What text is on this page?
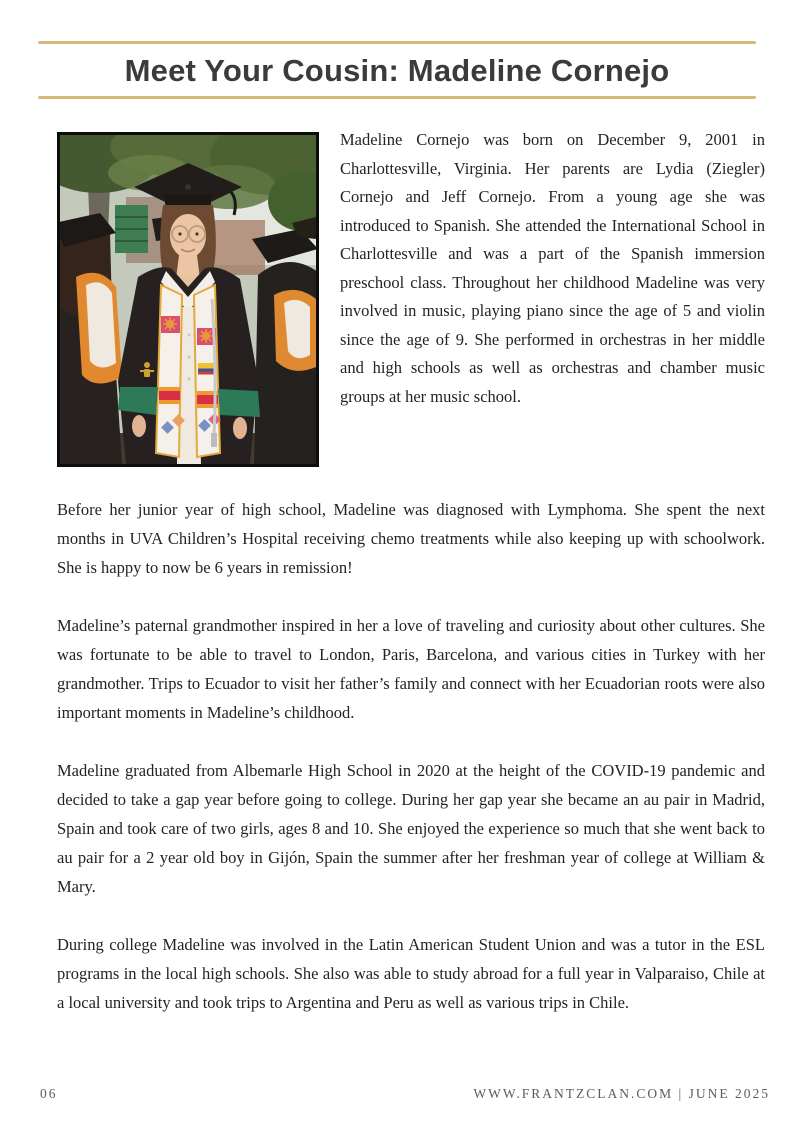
Meet Your Cousin: Madeline Cornejo

Madeline Cornejo was born on December 9, 2001 in Charlottesville, Virginia. Her parents are Lydia (Ziegler) Cornejo and Jeff Cornejo. From a young age she was introduced to Spanish. She attended the International School in Charlottesville and was a part of the Spanish immersion preschool class. Throughout her childhood Madeline was very involved in music, playing piano since the age of 5 and violin since the age of 9. She performed in orchestras in her middle and high schools as well as orchestras and chamber music groups at her music school.

Before her junior year of high school, Madeline was diagnosed with Lymphoma. She spent the next months in UVA Children’s Hospital receiving chemo treatments while also keeping up with schoolwork. She is happy to now be 6 years in remission!

Madeline’s paternal grandmother inspired in her a love of traveling and curiosity about other cultures. She was fortunate to be able to travel to London, Paris, Barcelona, and various cities in Turkey with her grandmother. Trips to Ecuador to visit her father’s family and connect with her Ecuadorian roots were also important moments in Madeline’s childhood.

Madeline graduated from Albemarle High School in 2020 at the height of the COVID-19 pandemic and decided to take a gap year before going to college. During her gap year she became an au pair in Madrid, Spain and took care of two girls, ages 8 and 10. She enjoyed the experience so much that she went back to au pair for a 2 year old boy in Gijón, Spain the summer after her freshman year of college at William & Mary.

During college Madeline was involved in the Latin American Student Union and was a tutor in the ESL programs in the local high schools. She also was able to study abroad for a full year in Valparaiso, Chile at a local university and took trips to Argentina and Peru as well as various trips in Chile.

06	WWW.FRANTZCLAN.COM | JUNE 2025
